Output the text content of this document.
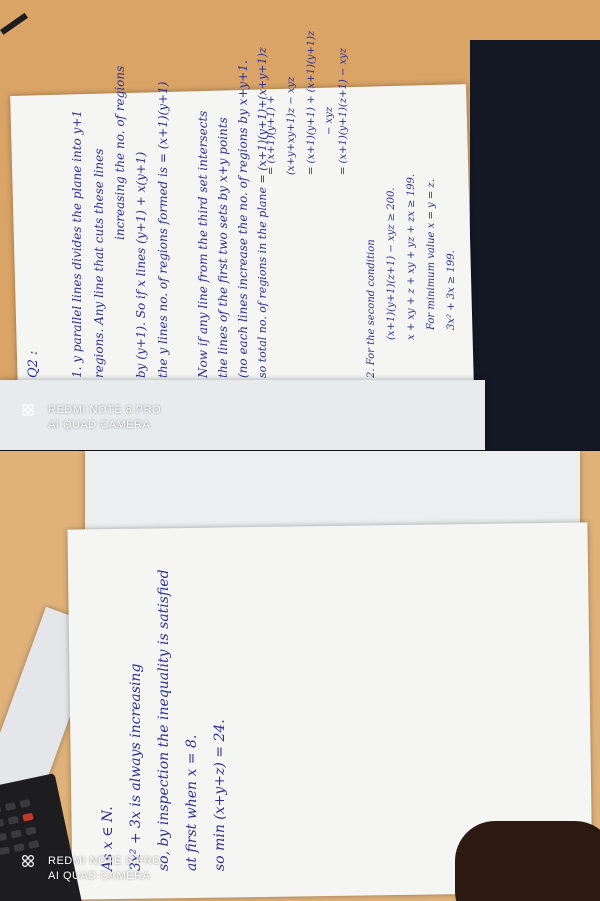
Q2 : 1. y parallel lines divides the plane into y+1 regions. Any line that cuts these lines increasing the no. of regions by (y+1). So if x lines (y+1) + x(y+1) the y lines no. of regions formed is = (x+1)(y+1) Now if any line from the third set intersects the lines of the first two sets by x+y points (no each lines increase the no. of regions by x+y+1. so total no. of regions in the plane = (x+1)(y+1)+(x+y+1)z
= (x+1)(y+1) + (x+y+xy+1)z − xyz = (x+1)(y+1) + (x+1)(y+1)z − xyz = (x+1)(y+1)(z+1) − xyz
2. For the second condition (x+1)(y+1)(z+1) − xyz ≥ 200. x + xy + z + xy + yz + zx ≥ 199. For minimum value x = y = z. 3x² + 3x ≥ 199.
REDMI NOTE 8 PRO
AI QUAD CAMERA
As x ∈ N. 3x² + 3x is always increasing so, by inspection the inequality is satisfied at first when x = 8. so min (x+y+z) = 24.
REDMI NOTE 8 PRO
AI QUAD CAMERA
